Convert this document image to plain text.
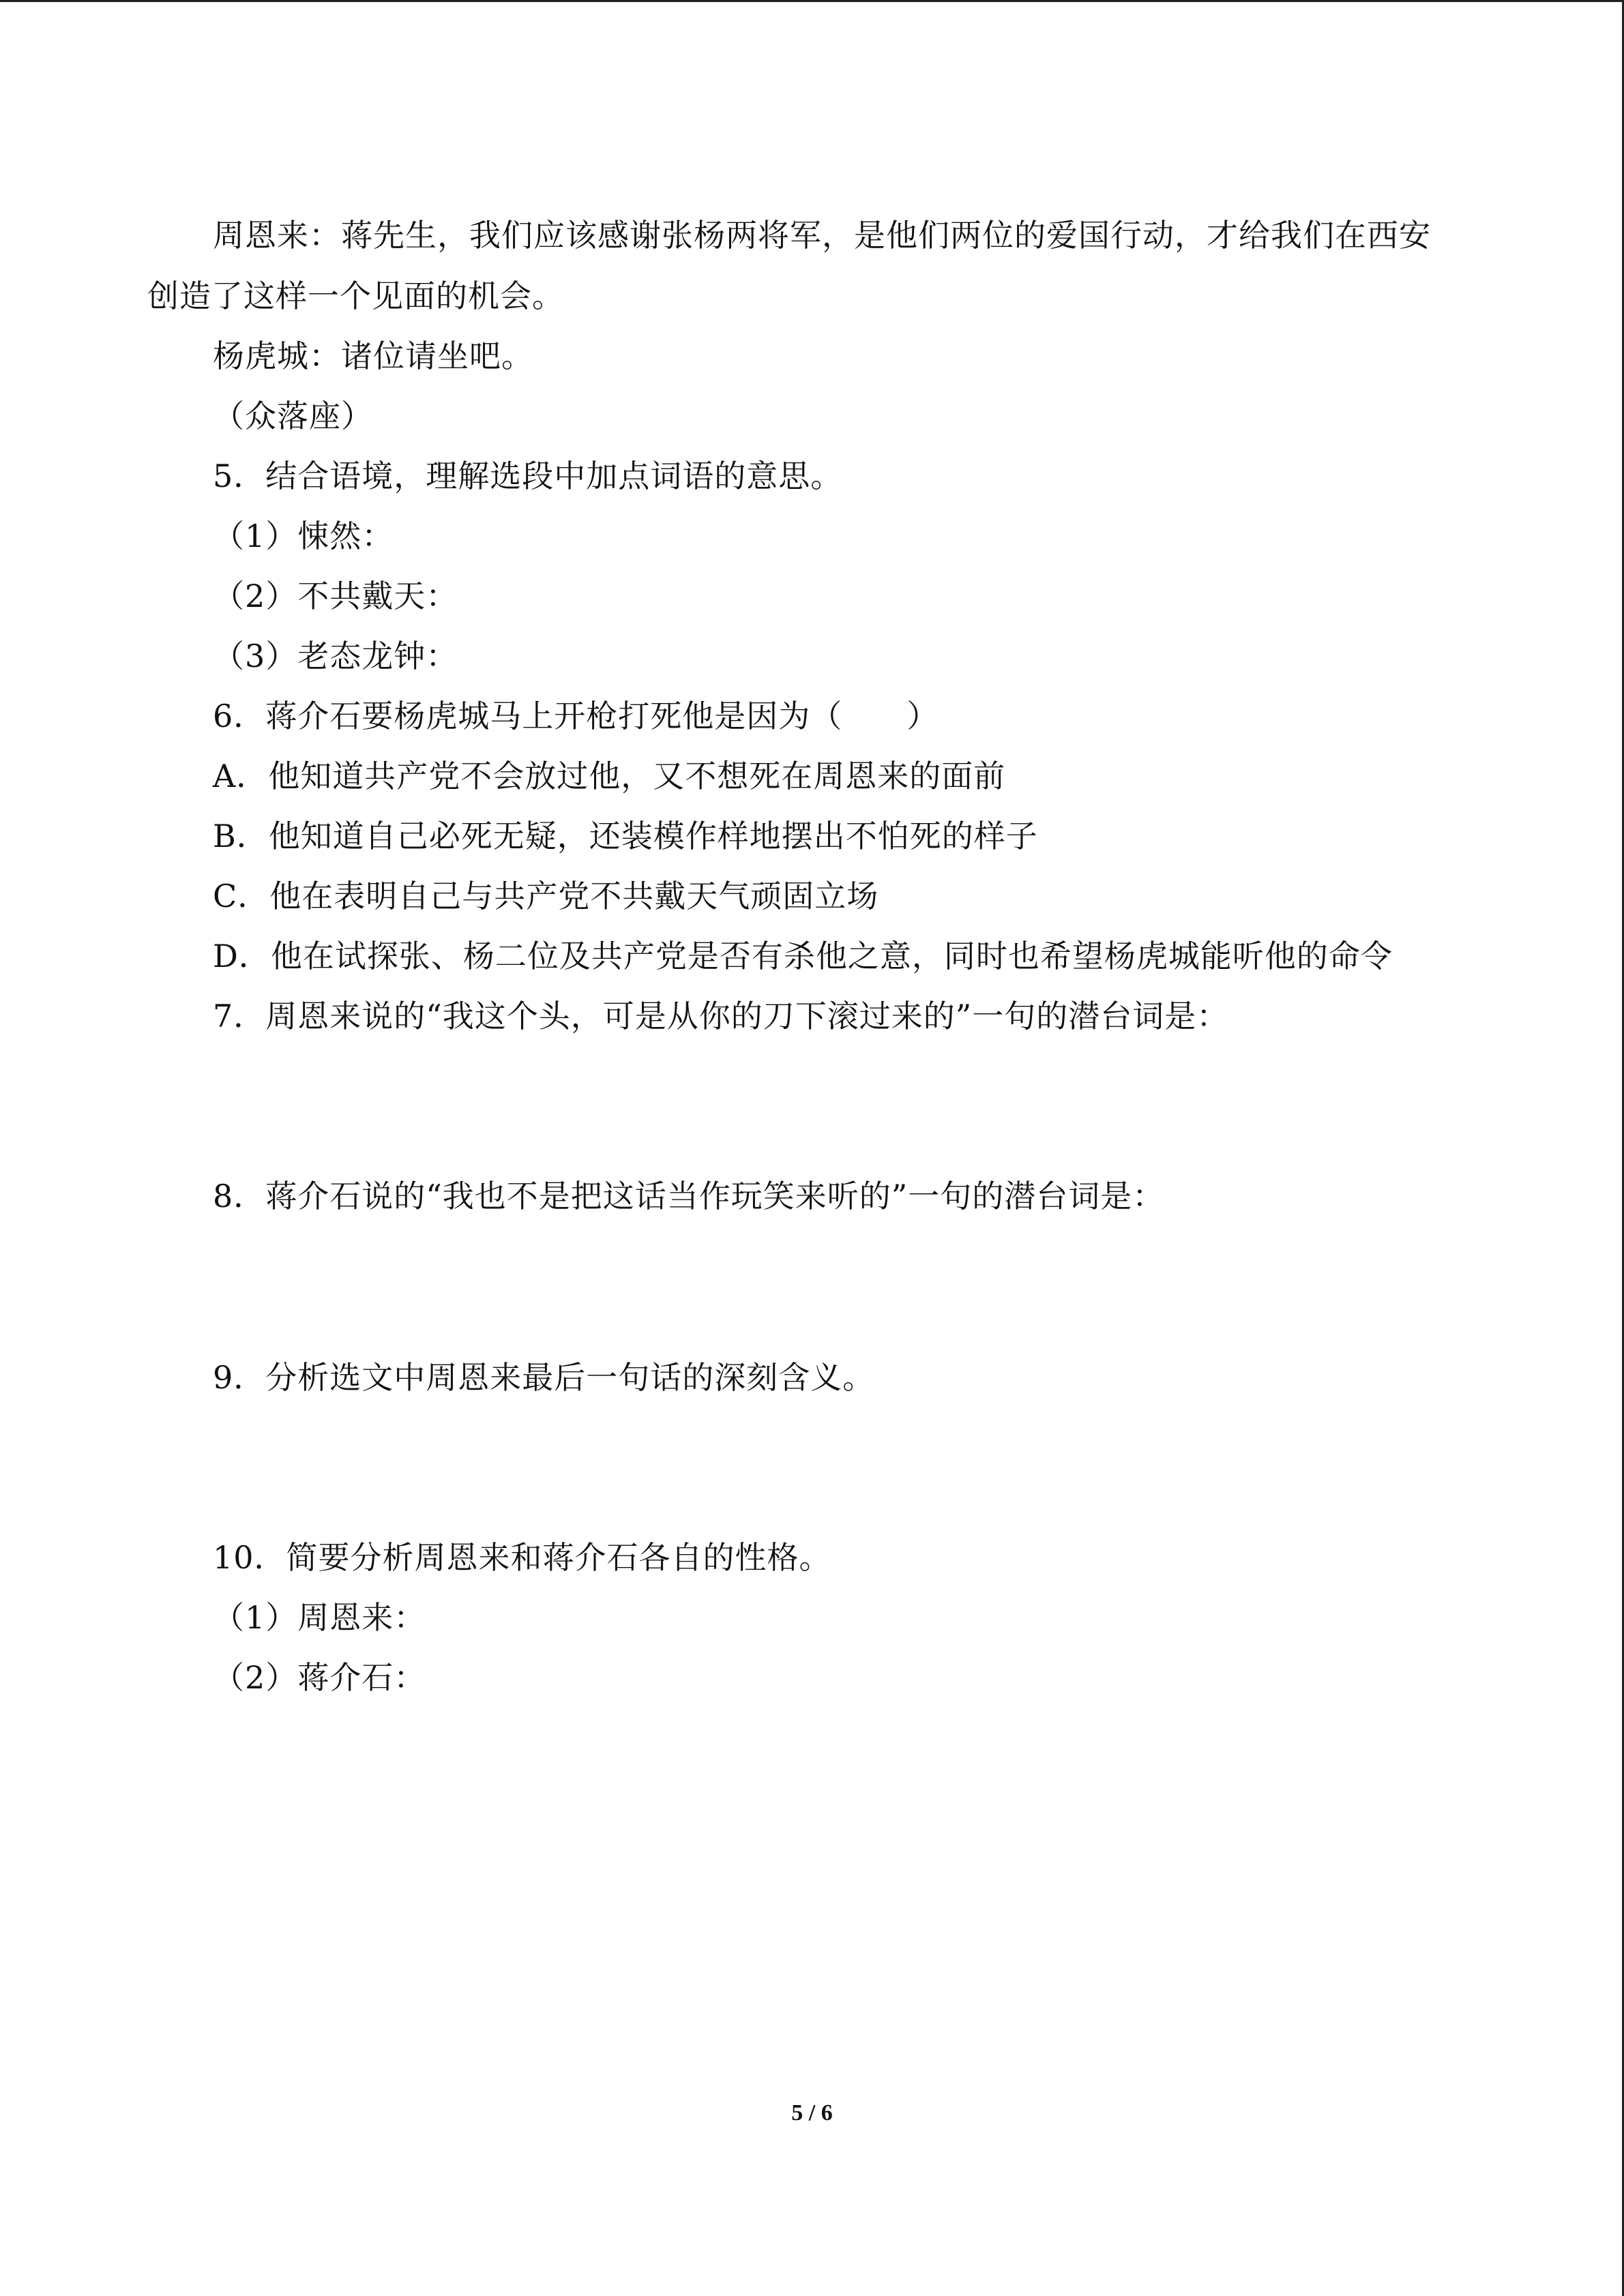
周恩来：蒋先生，我们应该感谢张杨两将军，是他们两位的爱国行动，才给我们在西安
创造了这样一个见面的机会。
杨虎城：诸位请坐吧。
（众落座）
5．结合语境，理解选段中加点词语的意思。
（1）悚然：
（2）不共戴天：
（3）老态龙钟：
6．蒋介石要杨虎城马上开枪打死他是因为（　　）
A．他知道共产党不会放过他，又不想死在周恩来的面前
B．他知道自己必死无疑，还装模作样地摆出不怕死的样子
C．他在表明自己与共产党不共戴天气顽固立场
D．他在试探张、杨二位及共产党是否有杀他之意，同时也希望杨虎城能听他的命令
7．周恩来说的“我这个头，可是从你的刀下滚过来的”一句的潜台词是：
8．蒋介石说的“我也不是把这话当作玩笑来听的”一句的潜台词是：
9．分析选文中周恩来最后一句话的深刻含义。
10．简要分析周恩来和蒋介石各自的性格。
（1）周恩来：
（2）蒋介石：
5 / 6
